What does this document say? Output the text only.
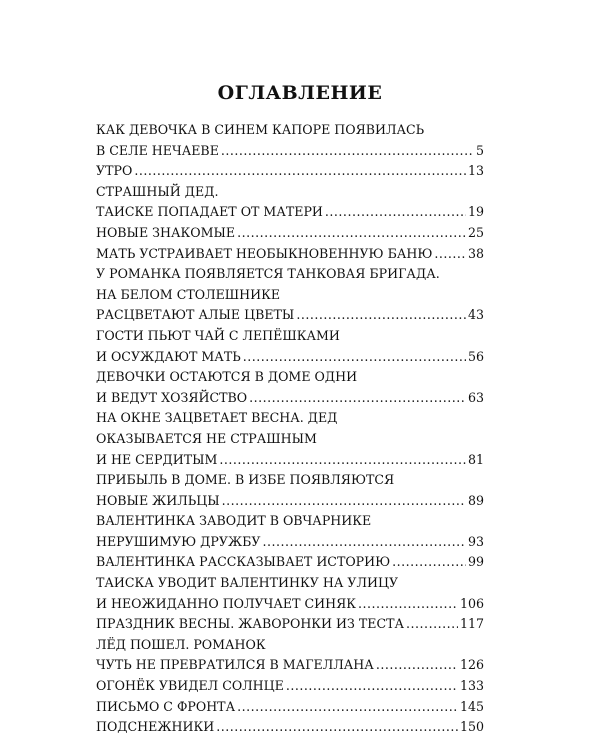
ОГЛАВЛЕНИЕ
КАК ДЕВОЧКА В СИНЕМ КАПОРЕ ПОЯВИЛАСЬ
В СЕЛЕ НЕЧАЕВЕ .....	5
УТРО .....	13
СТРАШНЫЙ ДЕД.
ТАИСКЕ ПОПАДАЕТ ОТ МАТЕРИ .....	19
НОВЫЕ ЗНАКОМЫЕ .....	25
МАТЬ УСТРАИВАЕТ НЕОБЫКНОВЕННУЮ БАНЮ .....	38
У РОМАНКА ПОЯВЛЯЕТСЯ ТАНКОВАЯ БРИГАДА.
НА БЕЛОМ СТОЛЕШНИКЕ
РАСЦВЕТАЮТ АЛЫЕ ЦВЕТЫ .....	43
ГОСТИ ПЬЮТ ЧАЙ С ЛЕПЁШКАМИ
И ОСУЖДАЮТ МАТЬ .....	56
ДЕВОЧКИ ОСТАЮТСЯ В ДОМЕ ОДНИ
И ВЕДУТ ХОЗЯЙСТВО .....	63
НА ОКНЕ ЗАЦВЕТАЕТ ВЕСНА. ДЕД
ОКАЗЫВАЕТСЯ НЕ СТРАШНЫМ
И НЕ СЕРДИТЫМ .....	81
ПРИБЫЛЬ В ДОМЕ. В ИЗБЕ ПОЯВЛЯЮТСЯ
НОВЫЕ ЖИЛЬЦЫ .....	89
ВАЛЕНТИНКА ЗАВОДИТ В ОВЧАРНИКЕ
НЕРУШИМУЮ ДРУЖБУ .....	93
ВАЛЕНТИНКА РАССКАЗЫВАЕТ ИСТОРИЮ .....	99
ТАИСКА УВОДИТ ВАЛЕНТИНКУ НА УЛИЦУ
И НЕОЖИДАННО ПОЛУЧАЕТ СИНЯК .....	106
ПРАЗДНИК ВЕСНЫ. ЖАВОРОНКИ ИЗ ТЕСТА .....	117
ЛЁД ПОШЕЛ. РОМАНОК
ЧУТЬ НЕ ПРЕВРАТИЛСЯ В МАГЕЛЛАНА .....	126
ОГОНЁК УВИДЕЛ СОЛНЦЕ .....	133
ПИСЬМО С ФРОНТА .....	145
ПОДСНЕЖНИКИ .....	150
